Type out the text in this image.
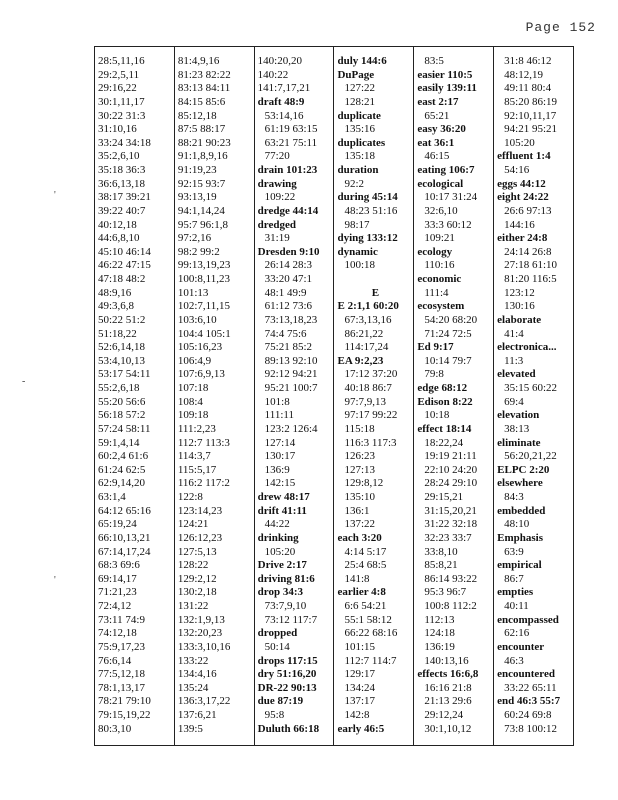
Page 152
'
-
'
28:5,11,16
29:2,5,11
29:16,22
30:1,11,17
30:22 31:3
31:10,16
33:24 34:18
35:2,6,10
35:18 36:3
36:6,13,18
38:17 39:21
39:22 40:7
40:12,18
44:6,8,10
45:10 46:14
46:22 47:15
47:18 48:2
48:9,16
49:3,6,8
50:22 51:2
51:18,22
52:6,14,18
53:4,10,13
53:17 54:11
55:2,6,18
55:20 56:6
56:18 57:2
57:24 58:11
59:1,4,14
60:2,4 61:6
61:24 62:5
62:9,14,20
63:1,4
64:12 65:16
65:19,24
66:10,13,21
67:14,17,24
68:3 69:6
69:14,17
71:21,23
72:4,12
73:11 74:9
74:12,18
75:9,17,23
76:6,14
77:5,12,18
78:1,13,17
78:21 79:10
79:15,19,22
80:3,10
81:4,9,16
81:23 82:22
83:13 84:11
84:15 85:6
85:12,18
87:5 88:17
88:21 90:23
91:1,8,9,16
91:19,23
92:15 93:7
93:13,19
94:1,14,24
95:7 96:1,8
97:2,16
98:2 99:2
99:13,19,23
100:8,11,23
101:13
102:7,11,15
103:6,10
104:4 105:1
105:16,23
106:4,9
107:6,9,13
107:18
108:4
109:18
111:2,23
112:7 113:3
114:3,7
115:5,17
116:2 117:2
122:8
123:14,23
124:21
126:12,23
127:5,13
128:22
129:2,12
130:2,18
131:22
132:1,9,13
132:20,23
133:3,10,16
133:22
134:4,16
135:24
136:3,17,22
137:6,21
139:5
140:20,20
140:22
141:7,17,21
draft 48:9
53:14,16
61:19 63:15
63:21 75:11
77:20
drain 101:23
drawing
109:22
dredge 44:14
dredged
31:19
Dresden 9:10
26:14 28:3
33:20 47:1
48:1 49:9
61:12 73:6
73:13,18,23
74:4 75:6
75:21 85:2
89:13 92:10
92:12 94:21
95:21 100:7
101:8
111:11
123:2 126:4
127:14
130:17
136:9
142:15
drew 48:17
drift 41:11
44:22
drinking
105:20
Drive 2:17
driving 81:6
drop 34:3
73:7,9,10
73:12 117:7
dropped
50:14
drops 117:15
dry 51:16,20
DR-22 90:13
due 87:19
95:8
Duluth 66:18
duly 144:6
DuPage
127:22
128:21
duplicate
135:16
duplicates
135:18
duration
92:2
during 45:14
48:23 51:16
98:17
dying 133:12
dynamic
100:18
E
E 2:1,1 60:20
67:3,13,16
86:21,22
114:17,24
EA 9:2,23
17:12 37:20
40:18 86:7
97:7,9,13
97:17 99:22
115:18
116:3 117:3
126:23
127:13
129:8,12
135:10
136:1
137:22
each 3:20
4:14 5:17
25:4 68:5
141:8
earlier 4:8
6:6 54:21
55:1 58:12
66:22 68:16
101:15
112:7 114:7
129:17
134:24
137:17
142:8
early 46:5
83:5
easier 110:5
easily 139:11
east 2:17
65:21
easy 36:20
eat 36:1
46:15
eating 106:7
ecological
10:17 31:24
32:6,10
33:3 60:12
109:21
ecology
110:16
economic
111:4
ecosystem
54:20 68:20
71:24 72:5
Ed 9:17
10:14 79:7
79:8
edge 68:12
Edison 8:22
10:18
effect 18:14
18:22,24
19:19 21:11
22:10 24:20
28:24 29:10
29:15,21
31:15,20,21
31:22 32:18
32:23 33:7
33:8,10
85:8,21
86:14 93:22
95:3 96:7
100:8 112:2
112:13
124:18
136:19
140:13,16
effects 16:6,8
16:16 21:8
21:13 29:6
29:12,24
30:1,10,12
31:8 46:12
48:12,19
49:11 80:4
85:20 86:19
92:10,11,17
94:21 95:21
105:20
effluent 1:4
54:16
eggs 44:12
eight 24:22
26:6 97:13
144:16
either 24:8
24:14 26:8
27:18 61:10
81:20 116:5
123:12
130:16
elaborate
41:4
electronica...
11:3
elevated
35:15 60:22
69:4
elevation
38:13
eliminate
56:20,21,22
ELPC 2:20
elsewhere
84:3
embedded
48:10
Emphasis
63:9
empirical
86:7
empties
40:11
encompassed
62:16
encounter
46:3
encountered
33:22 65:11
end 46:3 55:7
60:24 69:8
73:8 100:12
